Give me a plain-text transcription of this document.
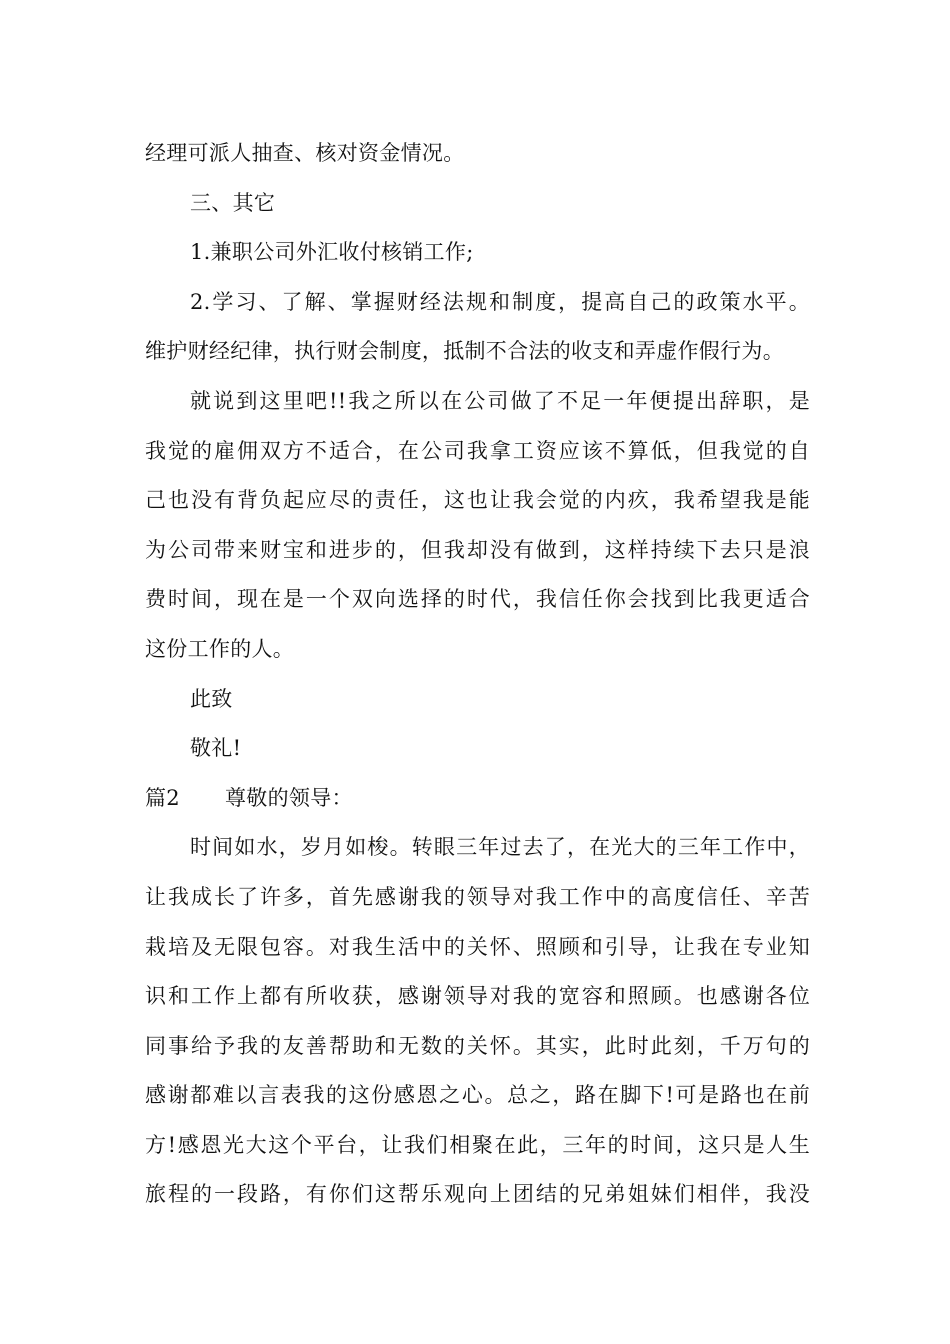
经理可派人抽查、核对资金情况。
三、其它
1.兼职公司外汇收付核销工作;
2.学习、了解、掌握财经法规和制度，提高自己的政策水平。
维护财经纪律，执行财会制度，抵制不合法的收支和弄虚作假行为。
就说到这里吧!!我之所以在公司做了不足一年便提出辞职，是
我觉的雇佣双方不适合，在公司我拿工资应该不算低，但我觉的自
己也没有背负起应尽的责任，这也让我会觉的内疚，我希望我是能
为公司带来财宝和进步的，但我却没有做到，这样持续下去只是浪
费时间，现在是一个双向选择的时代，我信任你会找到比我更适合
这份工作的人。
此致
敬礼!
篇2 尊敬的领导：
时间如水，岁月如梭。转眼三年过去了，在光大的三年工作中，
让我成长了许多，首先感谢我的领导对我工作中的高度信任、辛苦
栽培及无限包容。对我生活中的关怀、照顾和引导，让我在专业知
识和工作上都有所收获，感谢领导对我的宽容和照顾。也感谢各位
同事给予我的友善帮助和无数的关怀。其实，此时此刻，千万句的
感谢都难以言表我的这份感恩之心。总之，路在脚下!可是路也在前
方!感恩光大这个平台，让我们相聚在此，三年的时间，这只是人生
旅程的一段路，有你们这帮乐观向上团结的兄弟姐妹们相伴，我没
